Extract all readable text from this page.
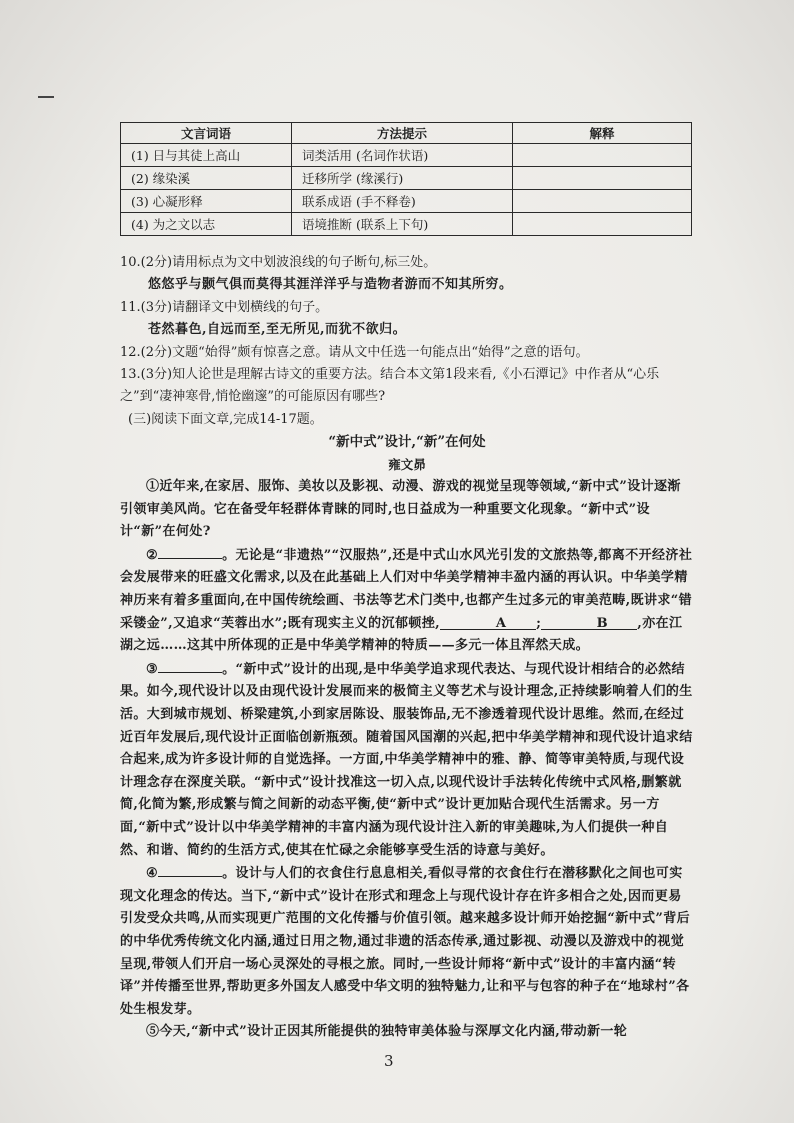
文言词语	方法提示	解释
(1) 日与其徒上高山	词类活用 (名词作状语)	
(2) 缘染溪	迁移所学 (缘溪行)	
(3) 心凝形释	联系成语 (手不释卷)	
(4) 为之文以志	语境推断 (联系上下句)	

10.(2分)请用标点为文中划波浪线的句子断句,标三处。

悠悠乎与颢气俱而莫得其涯洋洋乎与造物者游而不知其所穷。

11.(3分)请翻译文中划横线的句子。

苍然暮色,自远而至,至无所见,而犹不欲归。

12.(2分)文题“始得”颇有惊喜之意。请从文中任选一句能点出“始得”之意的语句。

13.(3分)知人论世是理解古诗文的重要方法。结合本文第1段来看,《小石潭记》中作者从“心乐之”到“凄神寒骨,悄怆幽邃”的可能原因有哪些?

(三)阅读下面文章,完成14-17题。

“新中式”设计,“新”在何处

雍文昴

①近年来,在家居、服饰、美妆以及影视、动漫、游戏的视觉呈现等领域,“新中式”设计逐渐引领审美风尚。它在备受年轻群体青睐的同时,也日益成为一种重要文化现象。“新中式”设计“新”在何处?

②	。无论是“非遗热”“汉服热”,还是中式山水风光引发的文旅热等,都离不开经济社会发展带来的旺盛文化需求,以及在此基础上人们对中华美学精神丰盈内涵的再认识。中华美学精神历来有着多重面向,在中国传统绘画、书法等艺术门类中,也都产生过多元的审美范畴,既讲求“错采镂金”,又追求“芙蓉出水”;既有现实主义的沉郁顿挫,	A ;	B ,亦在江湖之远……这其中所体现的正是中华美学精神的特质——多元一体且浑然天成。

③	。“新中式”设计的出现,是中华美学追求现代表达、与现代设计相结合的必然结果。如今,现代设计以及由现代设计发展而来的极简主义等艺术与设计理念,正持续影响着人们的生活。大到城市规划、桥梁建筑,小到家居陈设、服装饰品,无不渗透着现代设计思维。然而,在经过近百年发展后,现代设计正面临创新瓶颈。随着国风国潮的兴起,把中华美学精神和现代设计追求结合起来,成为许多设计师的自觉选择。一方面,中华美学精神中的雅、静、简等审美特质,与现代设计理念存在深度关联。“新中式”设计找准这一切入点,以现代设计手法转化传统中式风格,删繁就简,化简为繁,形成繁与简之间新的动态平衡,使“新中式”设计更加贴合现代生活需求。另一方面,“新中式”设计以中华美学精神的丰富内涵为现代设计注入新的审美趣味,为人们提供一种自然、和谐、简约的生活方式,使其在忙碌之余能够享受生活的诗意与美好。

④	。设计与人们的衣食住行息息相关,看似寻常的衣食住行在潜移默化之间也可实现文化理念的传达。当下,“新中式”设计在形式和理念上与现代设计存在许多相合之处,因而更易引发受众共鸣,从而实现更广范围的文化传播与价值引领。越来越多设计师开始挖掘“新中式”背后的中华优秀传统文化内涵,通过日用之物,通过非遗的活态传承,通过影视、动漫以及游戏中的视觉呈现,带领人们开启一场心灵深处的寻根之旅。同时,一些设计师将“新中式”设计的丰富内涵“转译”并传播至世界,帮助更多外国友人感受中华文明的独特魅力,让和平与包容的种子在“地球村”各处生根发芽。

⑤今天,“新中式”设计正因其所能提供的独特审美体验与深厚文化内涵,带动新一轮

3
